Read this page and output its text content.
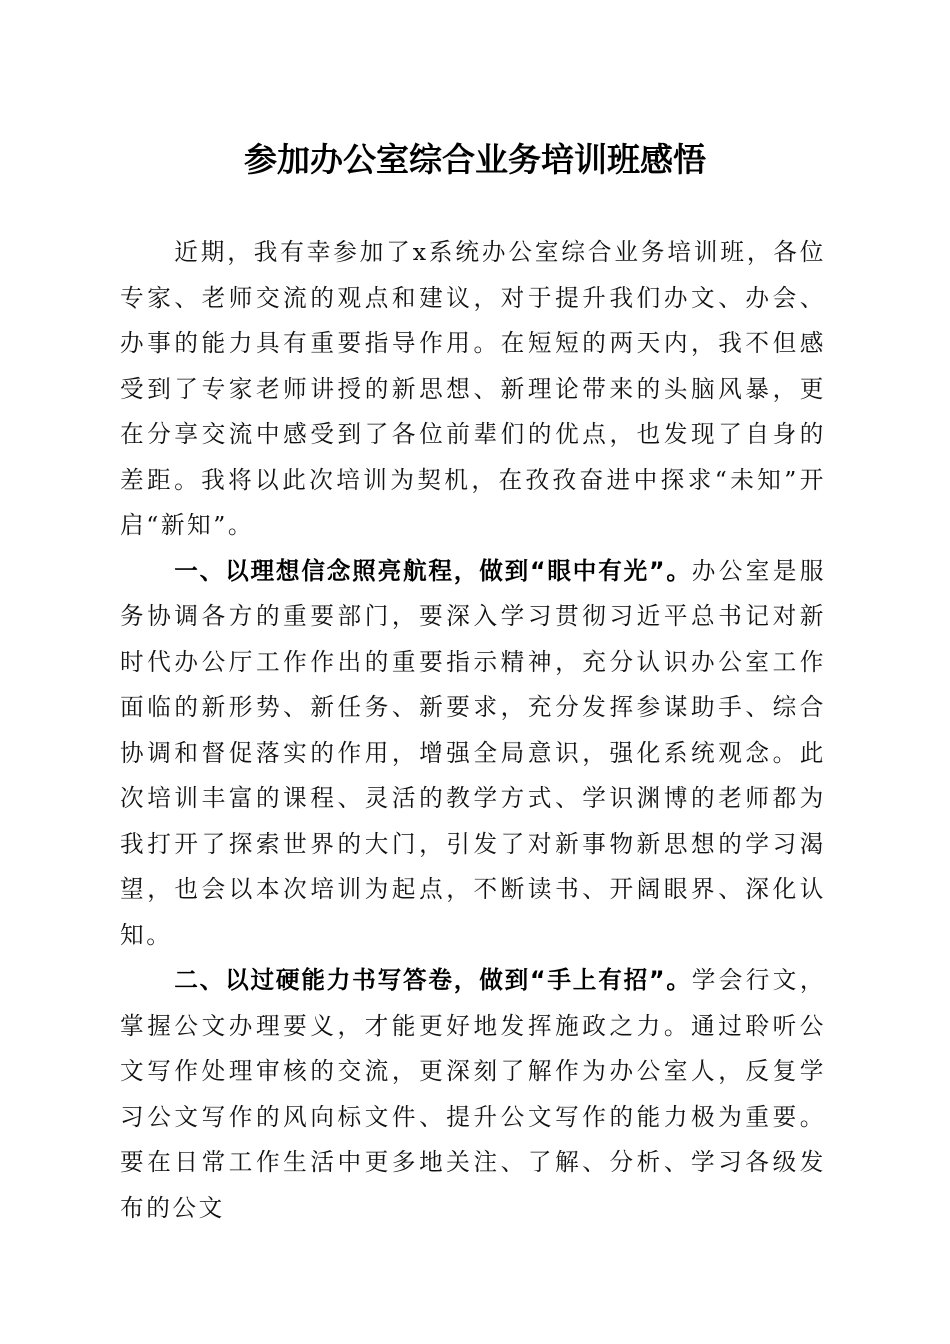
参加办公室综合业务培训班感悟

近期，我有幸参加了x系统办公室综合业务培训班，各位专家、老师交流的观点和建议，对于提升我们办文、办会、办事的能力具有重要指导作用。在短短的两天内，我不但感受到了专家老师讲授的新思想、新理论带来的头脑风暴，更在分享交流中感受到了各位前辈们的优点，也发现了自身的差距。我将以此次培训为契机，在孜孜奋进中探求“未知”开启“新知”。

一、以理想信念照亮航程，做到“眼中有光”。办公室是服务协调各方的重要部门，要深入学习贯彻习近平总书记对新时代办公厅工作作出的重要指示精神，充分认识办公室工作面临的新形势、新任务、新要求，充分发挥参谋助手、综合协调和督促落实的作用，增强全局意识，强化系统观念。此次培训丰富的课程、灵活的教学方式、学识渊博的老师都为我打开了探索世界的大门，引发了对新事物新思想的学习渴望，也会以本次培训为起点，不断读书、开阔眼界、深化认知。

二、以过硬能力书写答卷，做到“手上有招”。学会行文，掌握公文办理要义，才能更好地发挥施政之力。通过聆听公文写作处理审核的交流，更深刻了解作为办公室人，反复学习公文写作的风向标文件、提升公文写作的能力极为重要。要在日常工作生活中更多地关注、了解、分析、学习各级发布的公文
